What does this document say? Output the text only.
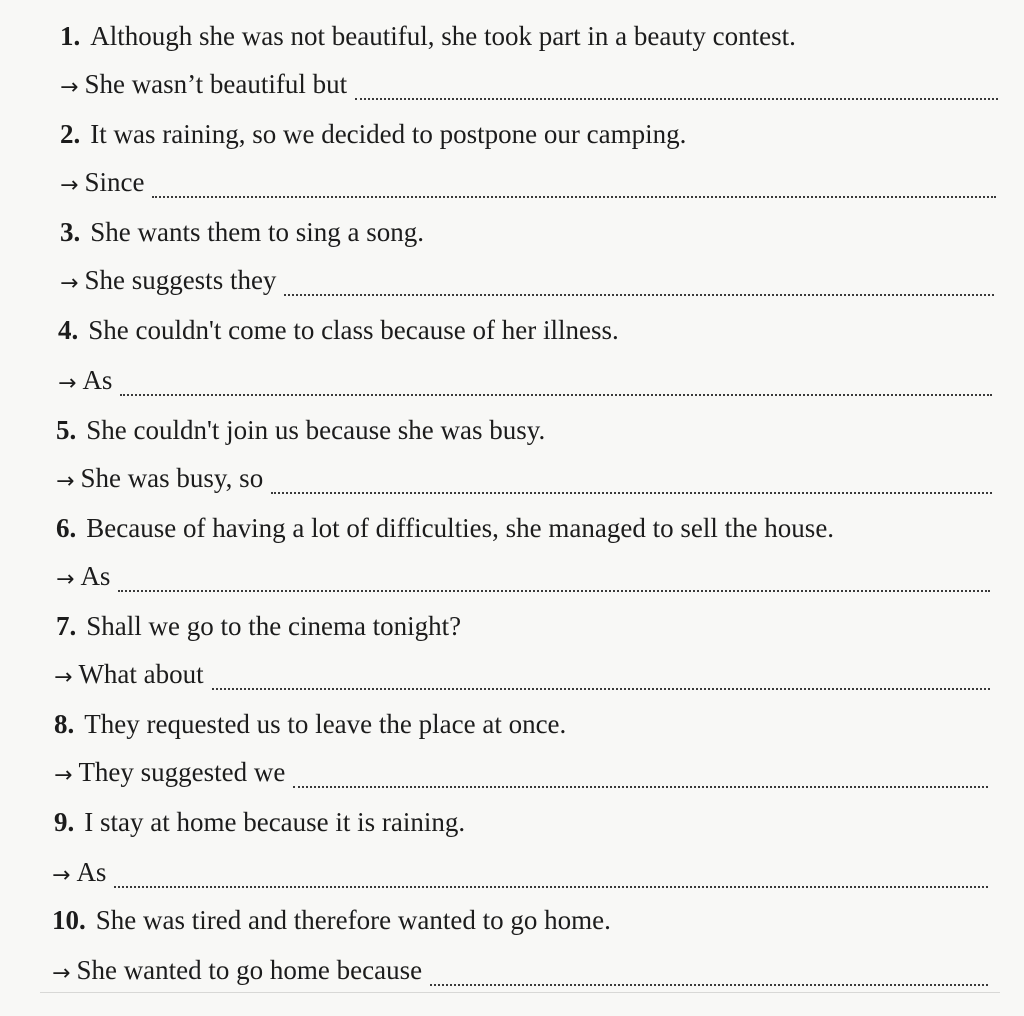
1. Although she was not beautiful, she took part in a beauty contest.
→ She wasn’t beautiful but
2. It was raining, so we decided to postpone our camping.
→ Since
3. She wants them to sing a song.
→ She suggests they
4. She couldn't come to class because of her illness.
→ As
5. She couldn't join us because she was busy.
→ She was busy, so
6. Because of having a lot of difficulties, she managed to sell the house.
→ As
7. Shall we go to the cinema tonight?
→ What about
8. They requested us to leave the place at once.
→ They suggested we
9. I stay at home because it is raining.
→ As
10. She was tired and therefore wanted to go home.
→ She wanted to go home because
